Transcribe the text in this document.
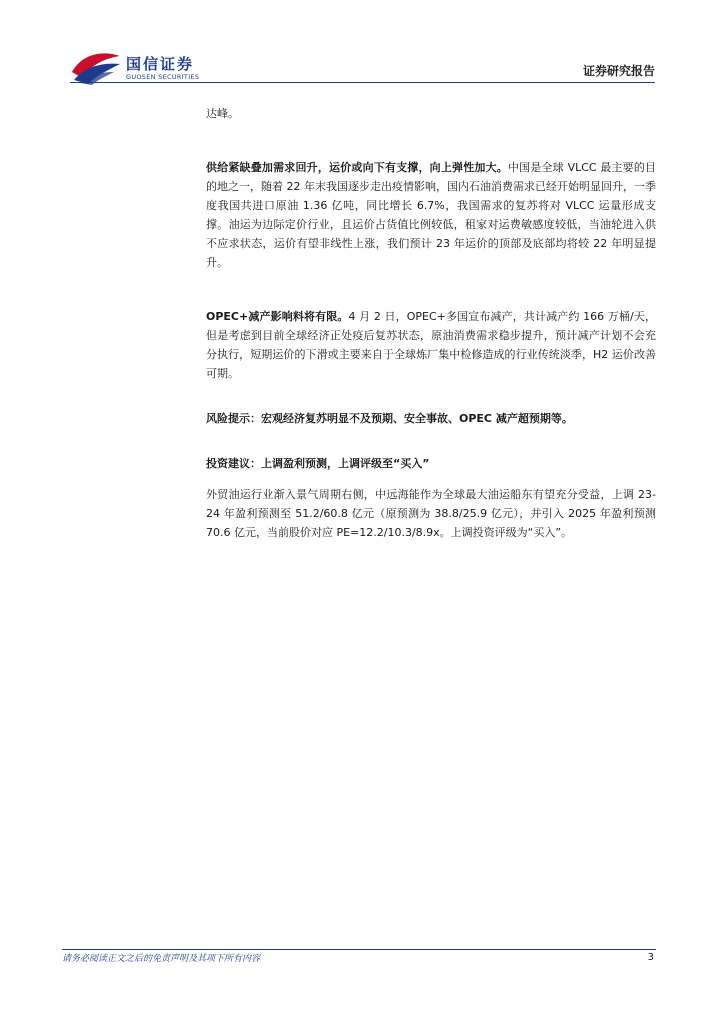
国信证券
GUOSEN SECURITIES	证券研究报告

达峰。

供给紧缺叠加需求回升，运价或向下有支撑，向上弹性加大。中国是全球 VLCC 最主要的目的地之一，随着 22 年末我国逐步走出疫情影响，国内石油消费需求已经开始明显回升，一季度我国共进口原油 1.36 亿吨，同比增长 6.7%，我国需求的复苏将对 VLCC 运量形成支撑。油运为边际定价行业，且运价占货值比例较低，租家对运费敏感度较低，当油轮进入供不应求状态，运价有望非线性上涨，我们预计 23 年运价的顶部及底部均将较 22 年明显提升。

OPEC+减产影响料将有限。4 月 2 日，OPEC+多国宣布减产，共计减产约 166 万桶/天，但是考虑到目前全球经济正处疫后复苏状态，原油消费需求稳步提升，预计减产计划不会充分执行，短期运价的下滑或主要来自于全球炼厂集中检修造成的行业传统淡季，H2 运价改善可期。

风险提示：宏观经济复苏明显不及预期、安全事故、OPEC 减产超预期等。

投资建议：上调盈利预测，上调评级至“买入”

外贸油运行业渐入景气周期右侧，中远海能作为全球最大油运船东有望充分受益，上调 23-24 年盈利预测至 51.2/60.8 亿元（原预测为 38.8/25.9 亿元），并引入 2025 年盈利预测 70.6 亿元，当前股价对应 PE=12.2/10.3/8.9x。上调投资评级为“买入”。

请务必阅读正文之后的免责声明及其项下所有内容	3
